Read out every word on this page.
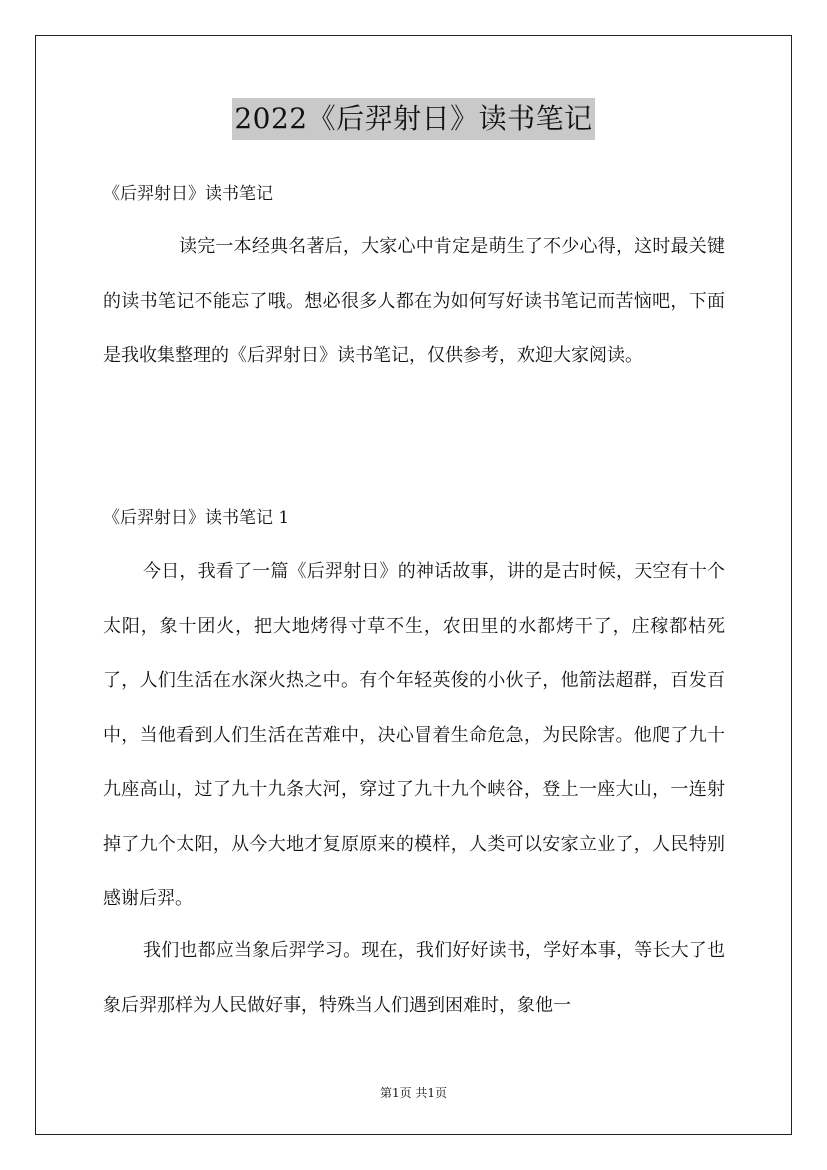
2022《后羿射日》读书笔记
《后羿射日》读书笔记

读完一本经典名著后，大家心中肯定是萌生了不少心得，这时最关键的读书笔记不能忘了哦。想必很多人都在为如何写好读书笔记而苦恼吧，下面是我收集整理的《后羿射日》读书笔记，仅供参考，欢迎大家阅读。

《后羿射日》读书笔记 1

今日，我看了一篇《后羿射日》的神话故事，讲的是古时候，天空有十个太阳，象十团火，把大地烤得寸草不生，农田里的水都烤干了，庄稼都枯死了，人们生活在水深火热之中。有个年轻英俊的小伙子，他箭法超群，百发百中，当他看到人们生活在苦难中，决心冒着生命危急，为民除害。他爬了九十九座高山，过了九十九条大河，穿过了九十九个峡谷，登上一座大山，一连射掉了九个太阳，从今大地才复原原来的模样，人类可以安家立业了，人民特别感谢后羿。

我们也都应当象后羿学习。现在，我们好好读书，学好本事，等长大了也象后羿那样为人民做好事，特殊当人们遇到困难时，象他一

第1页 共1页
